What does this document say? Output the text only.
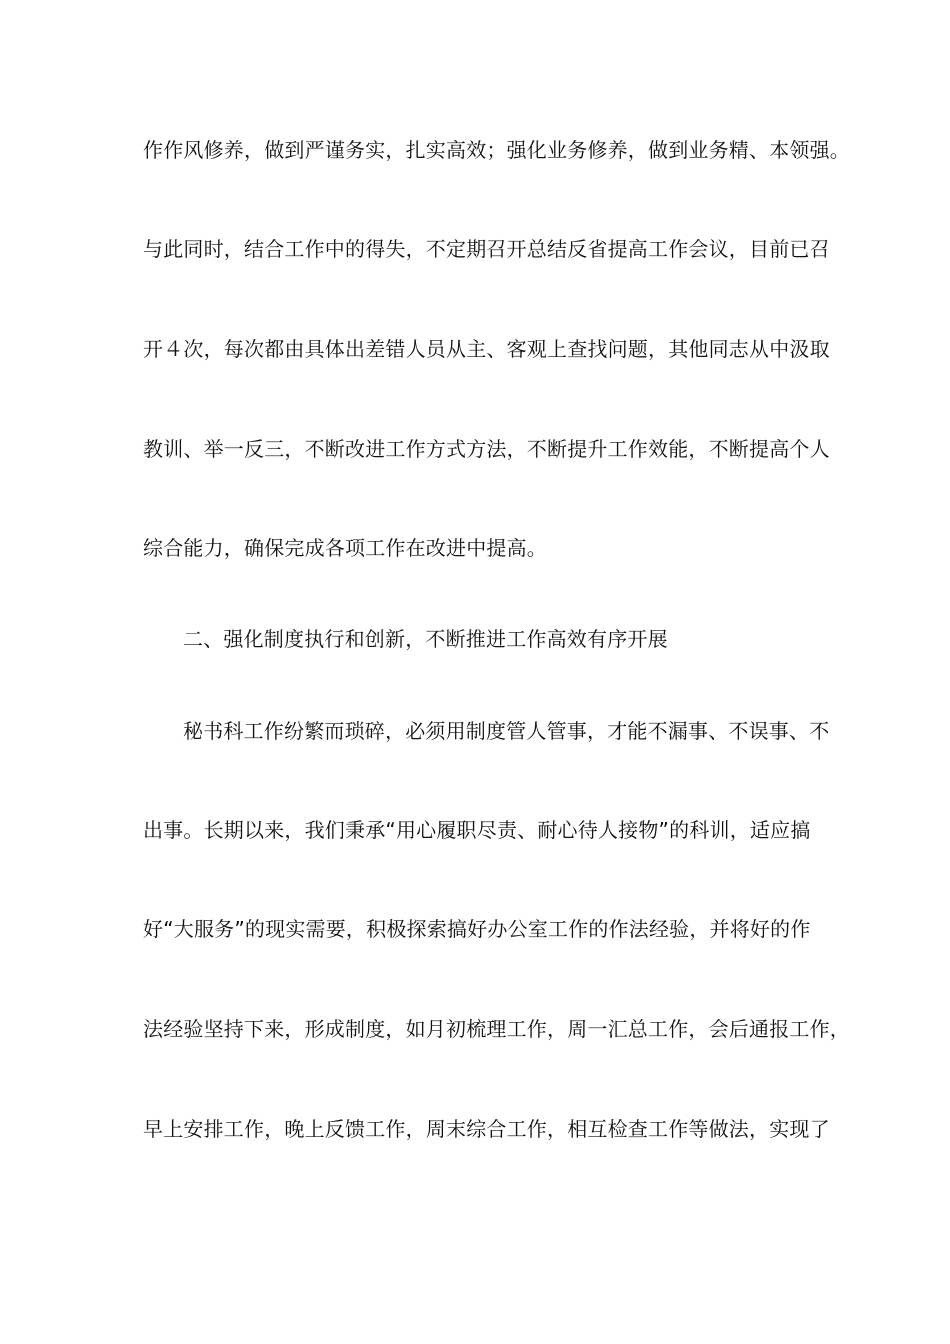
作作风修养，做到严谨务实，扎实高效；强化业务修养，做到业务精、本领强。
与此同时，结合工作中的得失，不定期召开总结反省提高工作会议，目前已召
开４次，每次都由具体出差错人员从主、客观上查找问题，其他同志从中汲取
教训、举一反三，不断改进工作方式方法，不断提升工作效能，不断提高个人
综合能力，确保完成各项工作在改进中提高。
二、强化制度执行和创新，不断推进工作高效有序开展
秘书科工作纷繁而琐碎，必须用制度管人管事，才能不漏事、不误事、不
出事。长期以来，我们秉承“用心履职尽责、耐心待人接物”的科训，适应搞
好“大服务”的现实需要，积极探索搞好办公室工作的作法经验，并将好的作
法经验坚持下来，形成制度，如月初梳理工作，周一汇总工作，会后通报工作，
早上安排工作，晚上反馈工作，周末综合工作，相互检查工作等做法，实现了
